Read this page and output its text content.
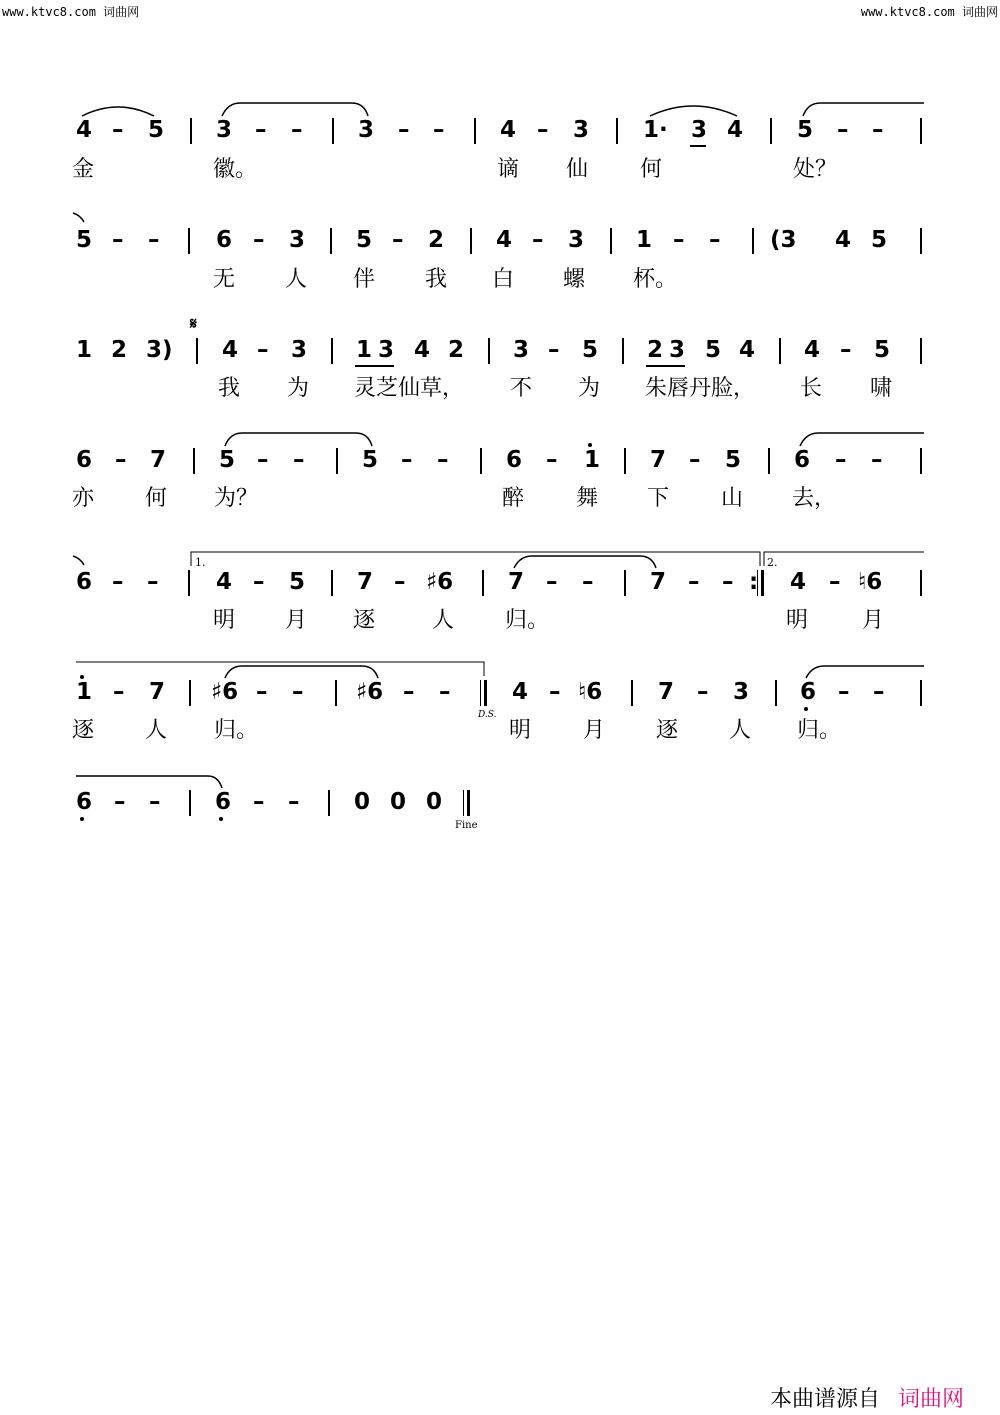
www.ktvc8.com 词曲网	www.ktvc8.com 词曲网
4 – 5 3 – – 3 – – 4 – 3 1· 3 4 5 – –
金	徽。	谪 仙 何	处？
5 – – 6 – 3 5 – 2 4 – 3 1 – – (3 4 5
无 人 伴 我 白 螺 杯。
1 2 3)
𝄋
4 – 3 1 3 4 2 3 – 5 2 3 5 4 4 – 5
我 为 灵芝仙草， 不 为 朱唇丹脸， 长 啸
6 – 7 5 – –	5 – –	6 – 1 7 – 5 6 – –
亦 何 为？	醉 舞 下 山 去，
6 – –	4 – 5 7 – ♯6 7 – – 7 – – : 4 – ♮6
1.	2.
明 月 逐	人 归。	明 月
1 – 7 ♯6 – – ♯6 – –	4 – ♮6 7 – 3 6 – –
D.S.
逐 人 归。	明 月 逐 人 归。
6 – – 6 – – 0 0 0
Fine
本曲谱源自 词曲网
